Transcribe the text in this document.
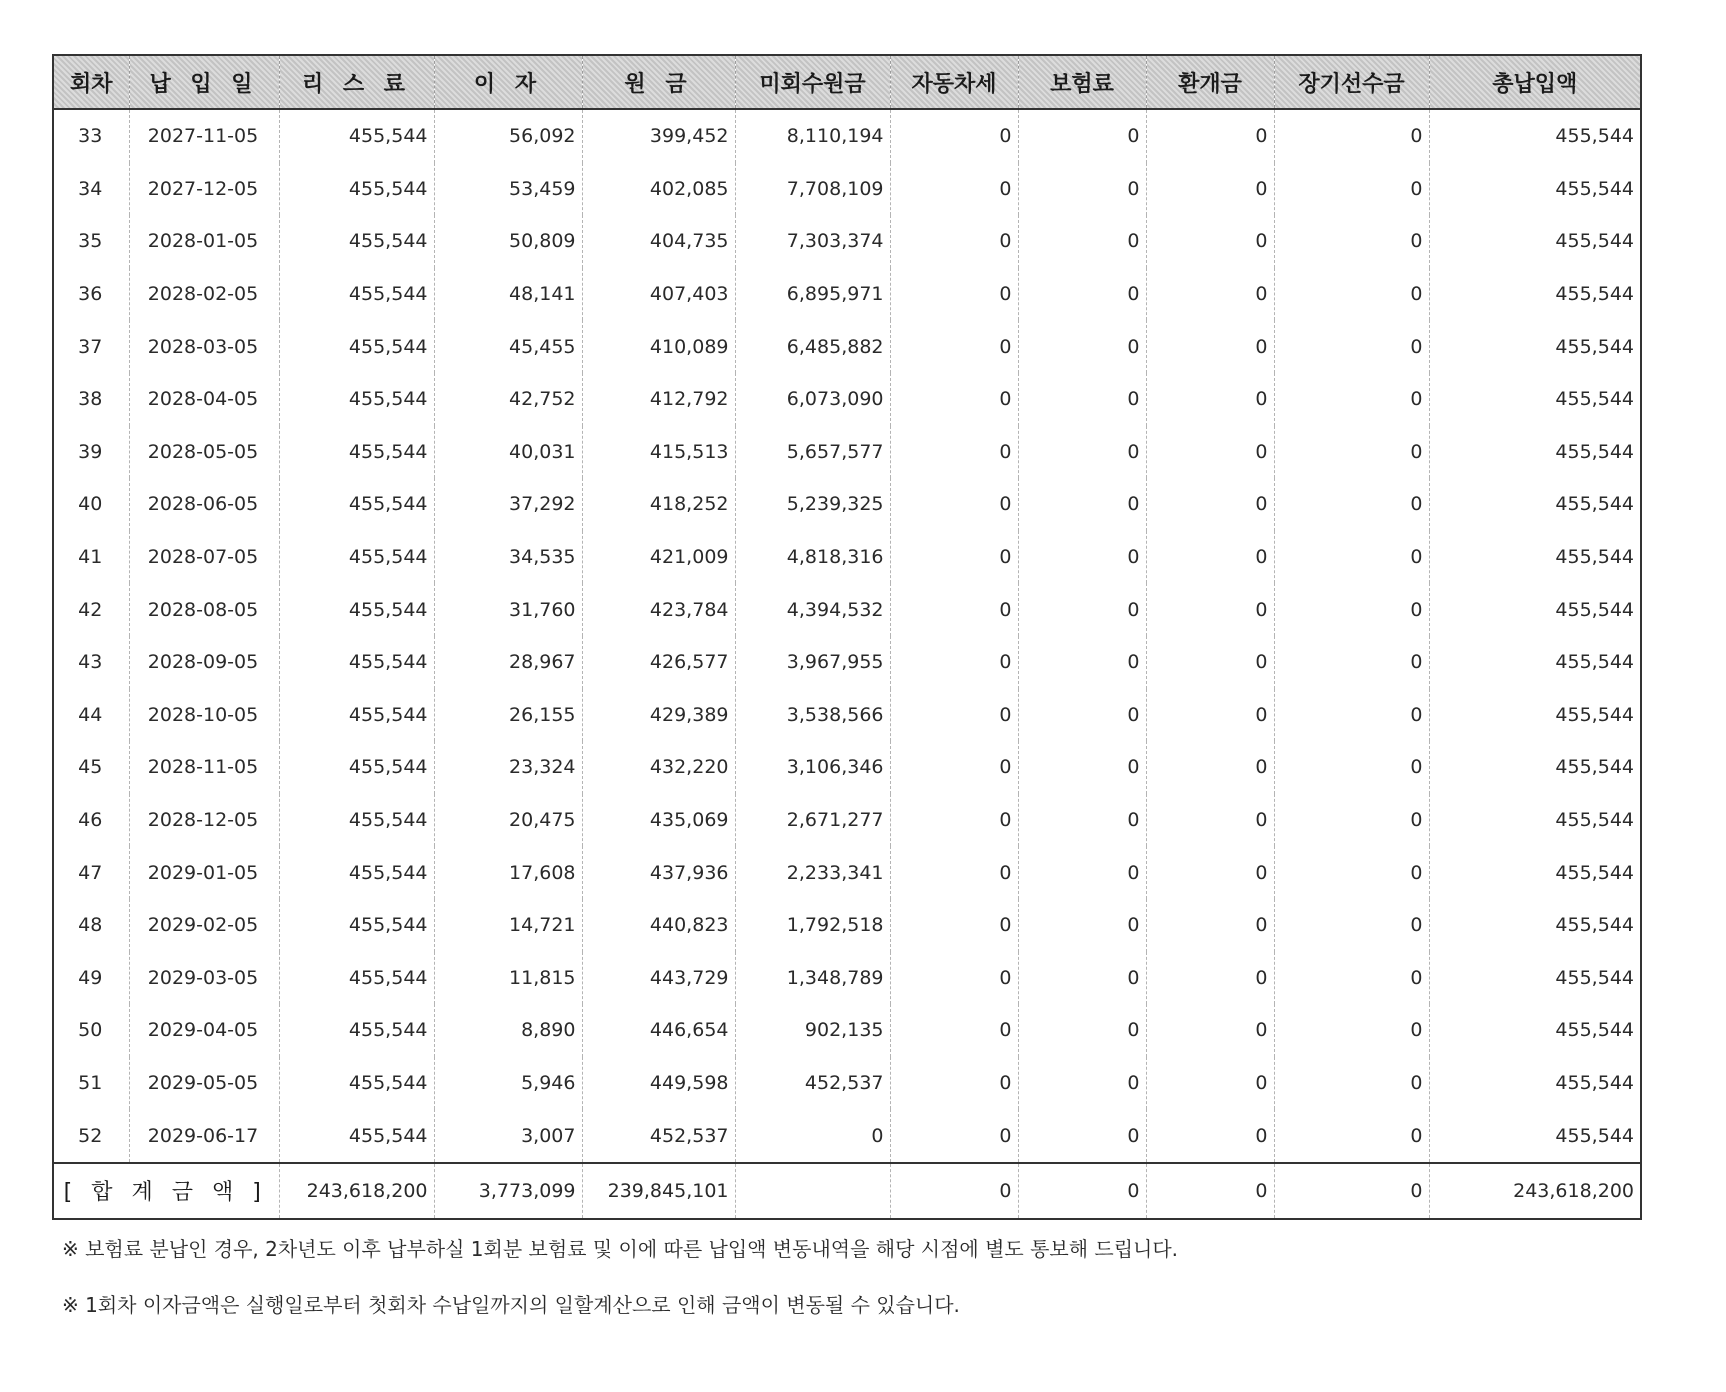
회차	납 입 일	리 스 료	이 자	원 금	미회수원금	자동차세	보험료	환개금	장기선수금	총납입액
33	2027-11-05	455,544	56,092	399,452	8,110,194	0	0	0	0	455,544
34	2027-12-05	455,544	53,459	402,085	7,708,109	0	0	0	0	455,544
35	2028-01-05	455,544	50,809	404,735	7,303,374	0	0	0	0	455,544
36	2028-02-05	455,544	48,141	407,403	6,895,971	0	0	0	0	455,544
37	2028-03-05	455,544	45,455	410,089	6,485,882	0	0	0	0	455,544
38	2028-04-05	455,544	42,752	412,792	6,073,090	0	0	0	0	455,544
39	2028-05-05	455,544	40,031	415,513	5,657,577	0	0	0	0	455,544
40	2028-06-05	455,544	37,292	418,252	5,239,325	0	0	0	0	455,544
41	2028-07-05	455,544	34,535	421,009	4,818,316	0	0	0	0	455,544
42	2028-08-05	455,544	31,760	423,784	4,394,532	0	0	0	0	455,544
43	2028-09-05	455,544	28,967	426,577	3,967,955	0	0	0	0	455,544
44	2028-10-05	455,544	26,155	429,389	3,538,566	0	0	0	0	455,544
45	2028-11-05	455,544	23,324	432,220	3,106,346	0	0	0	0	455,544
46	2028-12-05	455,544	20,475	435,069	2,671,277	0	0	0	0	455,544
47	2029-01-05	455,544	17,608	437,936	2,233,341	0	0	0	0	455,544
48	2029-02-05	455,544	14,721	440,823	1,792,518	0	0	0	0	455,544
49	2029-03-05	455,544	11,815	443,729	1,348,789	0	0	0	0	455,544
50	2029-04-05	455,544	8,890	446,654	902,135	0	0	0	0	455,544
51	2029-05-05	455,544	5,946	449,598	452,537	0	0	0	0	455,544
52	2029-06-17	455,544	3,007	452,537	0	0	0	0	0	455,544
[ 합 계 금 액 ]		243,618,200	3,773,099	239,845,101		0	0	0	0	243,618,200

※ 보험료 분납인 경우, 2차년도 이후 납부하실 1회분 보험료 및 이에 따른 납입액 변동내역을 해당 시점에 별도 통보해 드립니다.

※ 1회차 이자금액은 실행일로부터 첫회차 수납일까지의 일할계산으로 인해 금액이 변동될 수 있습니다.
